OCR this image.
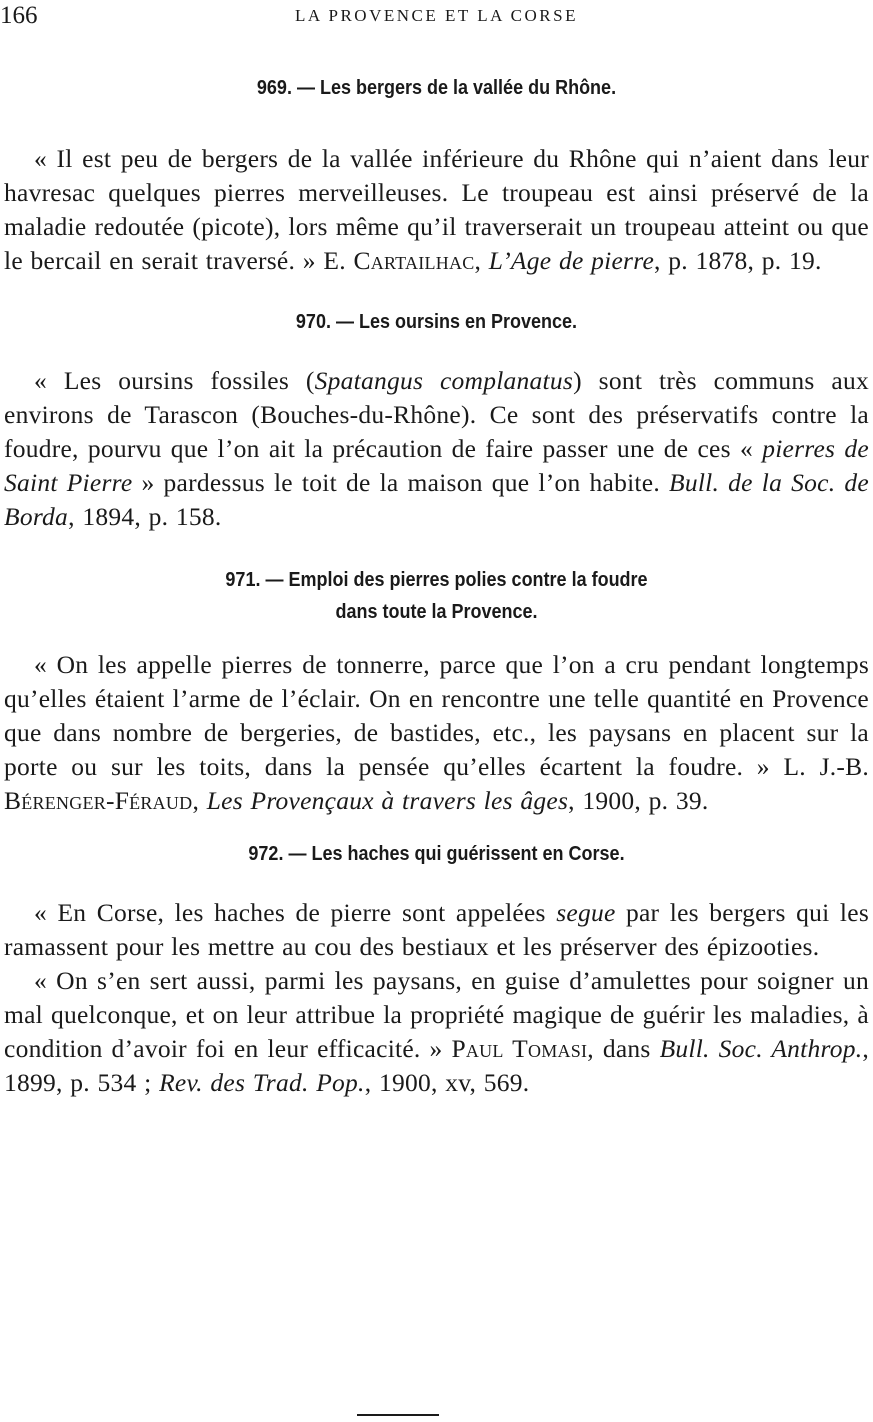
166	LA PROVENCE ET LA CORSE
969. — Les bergers de la vallée du Rhône.

« Il est peu de bergers de la vallée inférieure du Rhône qui n’aient dans leur havresac quelques pierres merveilleuses. Le troupeau est ainsi préservé de la maladie redoutée (picote), lors même qu’il traverserait un troupeau atteint ou que le bercail en serait traversé. » E. Cartailhac, L’Age de pierre, p. 1878, p. 19.

970. — Les oursins en Provence.

« Les oursins fossiles (Spatangus complanatus) sont très communs aux environs de Tarascon (Bouches-du-Rhône). Ce sont des préservatifs contre la foudre, pourvu que l’on ait la précaution de faire passer une de ces « pierres de Saint Pierre » pardessus le toit de la maison que l’on habite. Bull. de la Soc. de Borda, 1894, p. 158.

971. — Emploi des pierres polies contre la foudre
dans toute la Provence.

« On les appelle pierres de tonnerre, parce que l’on a cru pendant longtemps qu’elles étaient l’arme de l’éclair. On en rencontre une telle quantité en Provence que dans nombre de bergeries, de bastides, etc., les paysans en placent sur la porte ou sur les toits, dans la pensée qu’elles écartent la foudre. » L. J.-B. Bérenger-Féraud, Les Provençaux à travers les âges, 1900, p. 39.

972. — Les haches qui guérissent en Corse.

« En Corse, les haches de pierre sont appelées segue par les bergers qui les ramassent pour les mettre au cou des bestiaux et les préserver des épizooties.

« On s’en sert aussi, parmi les paysans, en guise d’amulettes pour soigner un mal quelconque, et on leur attribue la propriété magique de guérir les maladies, à condition d’avoir foi en leur efficacité. » Paul Tomasi, dans Bull. Soc. Anthrop., 1899, p. 534 ; Rev. des Trad. Pop., 1900, xv, 569.
